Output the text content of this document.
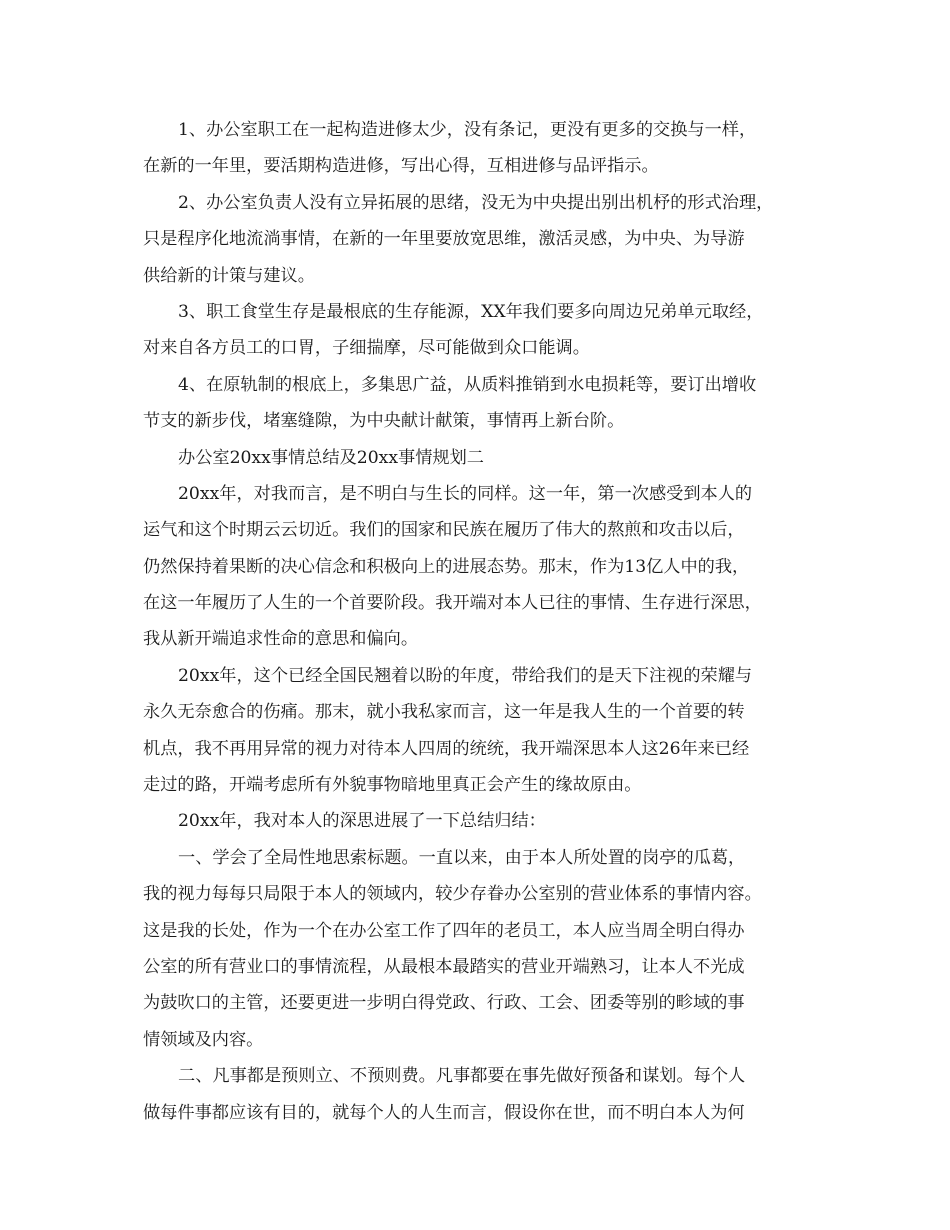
1、办公室职工在一起构造进修太少，没有条记，更没有更多的交换与一样，
在新的一年里，要活期构造进修，写出心得，互相进修与品评指示。
2、办公室负责人没有立异拓展的思绪，没无为中央提出别出机杼的形式治理，
只是程序化地流淌事情，在新的一年里要放宽思维，激活灵感，为中央、为导游
供给新的计策与建议。
3、职工食堂生存是最根底的生存能源，XX年我们要多向周边兄弟单元取经，
对来自各方员工的口胃，子细揣摩，尽可能做到众口能调。
4、在原轨制的根底上，多集思广益，从质料推销到水电损耗等，要订出增收
节支的新步伐，堵塞缝隙，为中央献计献策，事情再上新台阶。
办公室20xx事情总结及20xx事情规划二
20xx年，对我而言，是不明白与生长的同样。这一年，第一次感受到本人的
运气和这个时期云云切近。我们的国家和民族在履历了伟大的熬煎和攻击以后，
仍然保持着果断的决心信念和积极向上的进展态势。那末，作为13亿人中的我，
在这一年履历了人生的一个首要阶段。我开端对本人已往的事情、生存进行深思，
我从新开端追求性命的意思和偏向。
20xx年，这个已经全国民翘着以盼的年度，带给我们的是天下注视的荣耀与
永久无奈愈合的伤痛。那末，就小我私家而言，这一年是我人生的一个首要的转
机点，我不再用异常的视力对待本人四周的统统，我开端深思本人这26年来已经
走过的路，开端考虑所有外貌事物暗地里真正会产生的缘故原由。
20xx年，我对本人的深思进展了一下总结归结：
一、学会了全局性地思索标题。一直以来，由于本人所处置的岗亭的瓜葛，
我的视力每每只局限于本人的领域内，较少存眷办公室别的营业体系的事情内容。
这是我的长处，作为一个在办公室工作了四年的老员工，本人应当周全明白得办
公室的所有营业口的事情流程，从最根本最踏实的营业开端熟习，让本人不光成
为鼓吹口的主管，还要更进一步明白得党政、行政、工会、团委等别的畛域的事
情领域及内容。
二、凡事都是预则立、不预则费。凡事都要在事先做好预备和谋划。每个人
做每件事都应该有目的，就每个人的人生而言，假设你在世，而不明白本人为何
